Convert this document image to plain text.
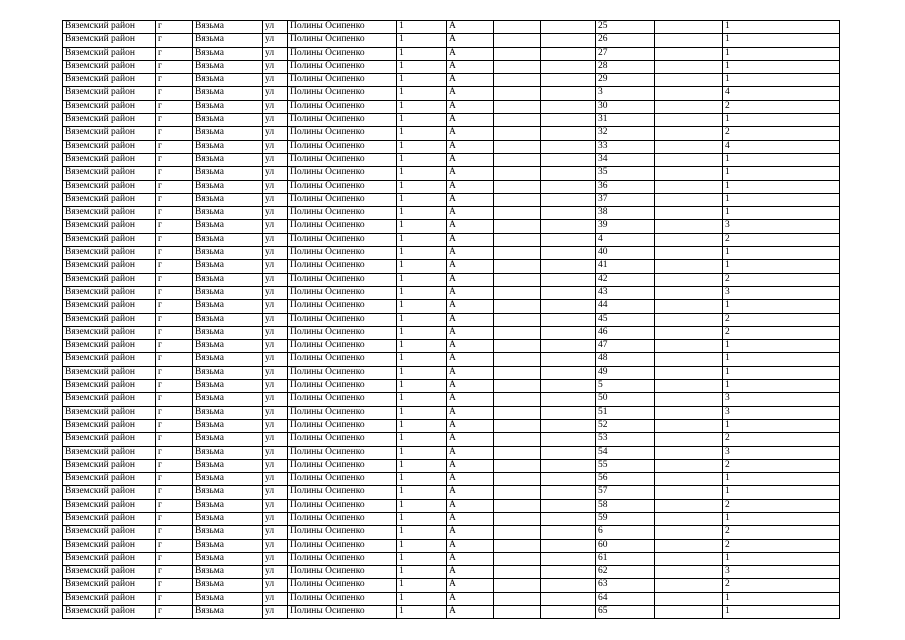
Вяземский район	г	Вязьма	ул	Полины Осипенко	1	А			25		1
Вяземский район	г	Вязьма	ул	Полины Осипенко	1	А			26		1
Вяземский район	г	Вязьма	ул	Полины Осипенко	1	А			27		1
Вяземский район	г	Вязьма	ул	Полины Осипенко	1	А			28		1
Вяземский район	г	Вязьма	ул	Полины Осипенко	1	А			29		1
Вяземский район	г	Вязьма	ул	Полины Осипенко	1	А			3		4
Вяземский район	г	Вязьма	ул	Полины Осипенко	1	А			30		2
Вяземский район	г	Вязьма	ул	Полины Осипенко	1	А			31		1
Вяземский район	г	Вязьма	ул	Полины Осипенко	1	А			32		2
Вяземский район	г	Вязьма	ул	Полины Осипенко	1	А			33		4
Вяземский район	г	Вязьма	ул	Полины Осипенко	1	А			34		1
Вяземский район	г	Вязьма	ул	Полины Осипенко	1	А			35		1
Вяземский район	г	Вязьма	ул	Полины Осипенко	1	А			36		1
Вяземский район	г	Вязьма	ул	Полины Осипенко	1	А			37		1
Вяземский район	г	Вязьма	ул	Полины Осипенко	1	А			38		1
Вяземский район	г	Вязьма	ул	Полины Осипенко	1	А			39		3
Вяземский район	г	Вязьма	ул	Полины Осипенко	1	А			4		2
Вяземский район	г	Вязьма	ул	Полины Осипенко	1	А			40		1
Вяземский район	г	Вязьма	ул	Полины Осипенко	1	А			41		1
Вяземский район	г	Вязьма	ул	Полины Осипенко	1	А			42		2
Вяземский район	г	Вязьма	ул	Полины Осипенко	1	А			43		3
Вяземский район	г	Вязьма	ул	Полины Осипенко	1	А			44		1
Вяземский район	г	Вязьма	ул	Полины Осипенко	1	А			45		2
Вяземский район	г	Вязьма	ул	Полины Осипенко	1	А			46		2
Вяземский район	г	Вязьма	ул	Полины Осипенко	1	А			47		1
Вяземский район	г	Вязьма	ул	Полины Осипенко	1	А			48		1
Вяземский район	г	Вязьма	ул	Полины Осипенко	1	А			49		1
Вяземский район	г	Вязьма	ул	Полины Осипенко	1	А			5		1
Вяземский район	г	Вязьма	ул	Полины Осипенко	1	А			50		3
Вяземский район	г	Вязьма	ул	Полины Осипенко	1	А			51		3
Вяземский район	г	Вязьма	ул	Полины Осипенко	1	А			52		1
Вяземский район	г	Вязьма	ул	Полины Осипенко	1	А			53		2
Вяземский район	г	Вязьма	ул	Полины Осипенко	1	А			54		3
Вяземский район	г	Вязьма	ул	Полины Осипенко	1	А			55		2
Вяземский район	г	Вязьма	ул	Полины Осипенко	1	А			56		1
Вяземский район	г	Вязьма	ул	Полины Осипенко	1	А			57		1
Вяземский район	г	Вязьма	ул	Полины Осипенко	1	А			58		2
Вяземский район	г	Вязьма	ул	Полины Осипенко	1	А			59		1
Вяземский район	г	Вязьма	ул	Полины Осипенко	1	А			6		2
Вяземский район	г	Вязьма	ул	Полины Осипенко	1	А			60		2
Вяземский район	г	Вязьма	ул	Полины Осипенко	1	А			61		1
Вяземский район	г	Вязьма	ул	Полины Осипенко	1	А			62		3
Вяземский район	г	Вязьма	ул	Полины Осипенко	1	А			63		2
Вяземский район	г	Вязьма	ул	Полины Осипенко	1	А			64		1
Вяземский район	г	Вязьма	ул	Полины Осипенко	1	А			65		1
